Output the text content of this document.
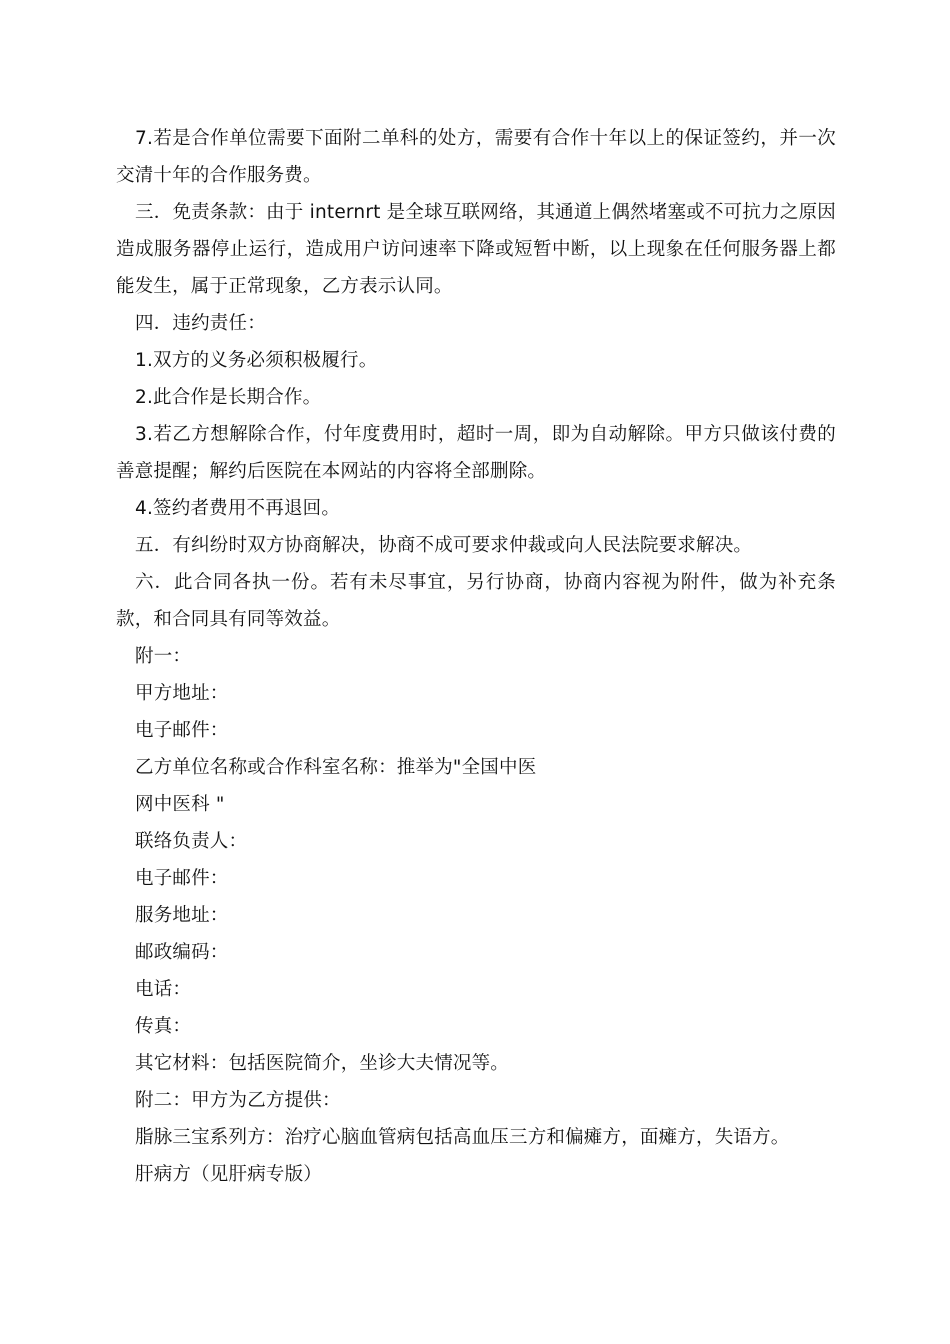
7.若是合作单位需要下面附二单科的处方，需要有合作十年以上的保证签约，并一次交清十年的合作服务费。

三．免责条款：由于 internrt 是全球互联网络，其通道上偶然堵塞或不可抗力之原因造成服务器停止运行，造成用户访问速率下降或短暂中断，以上现象在任何服务器上都能发生，属于正常现象，乙方表示认同。

四．违约责任：

1.双方的义务必须积极履行。

2.此合作是长期合作。

3.若乙方想解除合作，付年度费用时，超时一周，即为自动解除。甲方只做该付费的善意提醒；解约后医院在本网站的内容将全部删除。

4.签约者费用不再退回。

五．有纠纷时双方协商解决，协商不成可要求仲裁或向人民法院要求解决。

六．此合同各执一份。若有未尽事宜，另行协商，协商内容视为附件，做为补充条款，和合同具有同等效益。

附一：

甲方地址：

电子邮件：

乙方单位名称或合作科室名称：推举为"全国中医

网中医科 "

联络负责人：

电子邮件：

服务地址：

邮政编码：

电话：

传真：

其它材料：包括医院简介，坐诊大夫情况等。

附二：甲方为乙方提供：

脂脉三宝系列方：治疗心脑血管病包括高血压三方和偏瘫方，面瘫方，失语方。

肝病方（见肝病专版）
